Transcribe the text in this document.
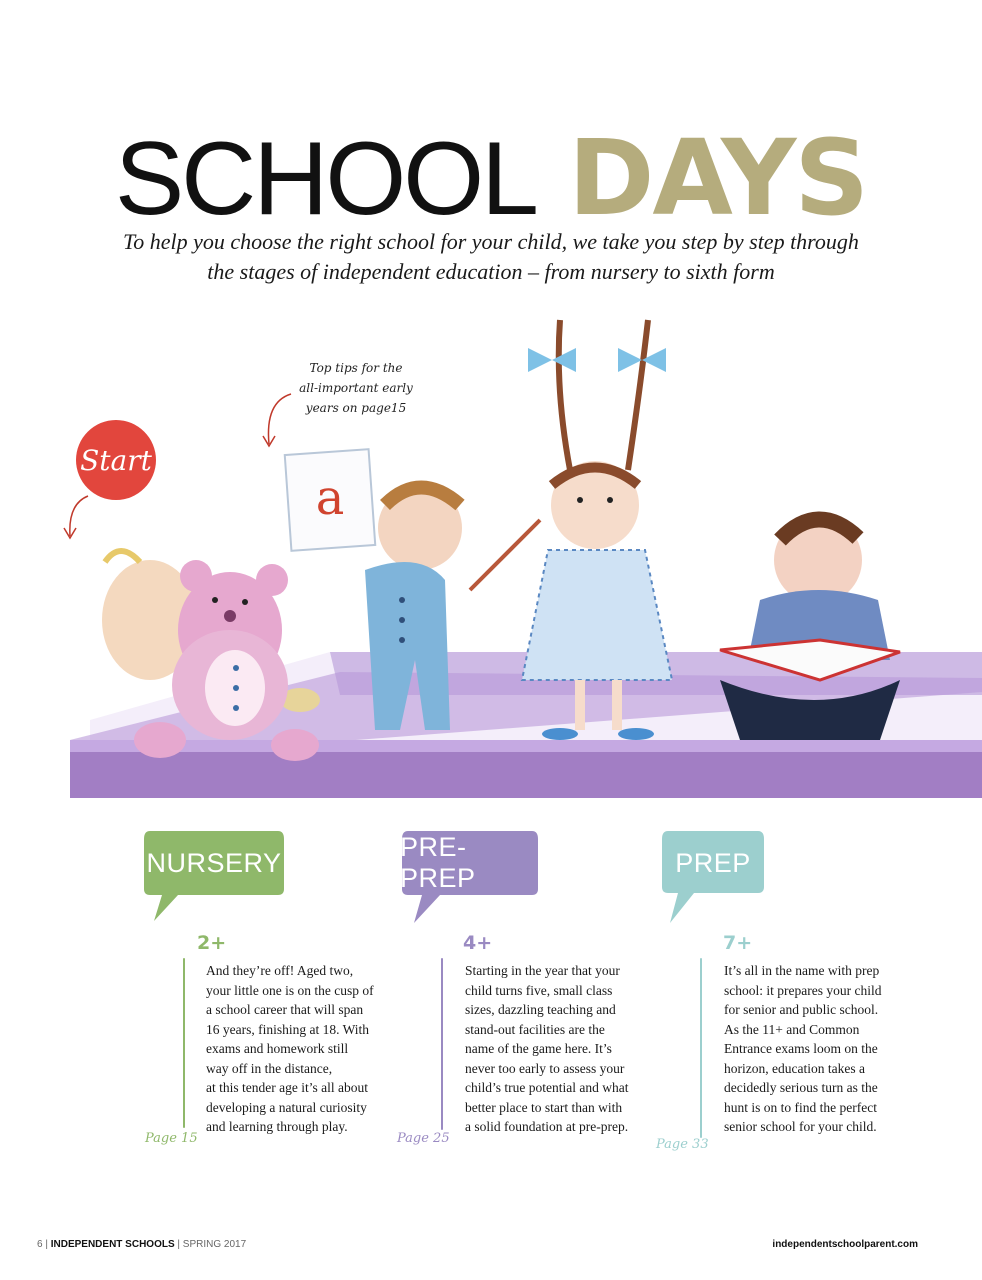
SCHOOL DAYS
To help you choose the right school for your child, we take you step by step through
the stages of independent education – from nursery to sixth form
a
Top tips for the
all-important early
years on page15
Start
NURSERY
PRE-PREP
PREP
2+
And they’re off! Aged two,
your little one is on the cusp of
a school career that will span
16 years, finishing at 18. With
exams and homework still
way off in the distance,
at this tender age it’s all about
developing a natural curiosity
and learning through play.
Page 15
4+
Starting in the year that your
child turns five, small class
sizes, dazzling teaching and
stand-out facilities are the
name of the game here. It’s
never too early to assess your
child’s true potential and what
better place to start than with
a solid foundation at pre-prep.
Page 25
7+
It’s all in the name with prep
school: it prepares your child
for senior and public school.
As the 11+ and Common
Entrance exams loom on the
horizon, education takes a
decidedly serious turn as the
hunt is on to find the perfect
senior school for your child.
Page 33
6 | INDEPENDENT SCHOOLS | SPRING 2017	independentschoolparent.com
